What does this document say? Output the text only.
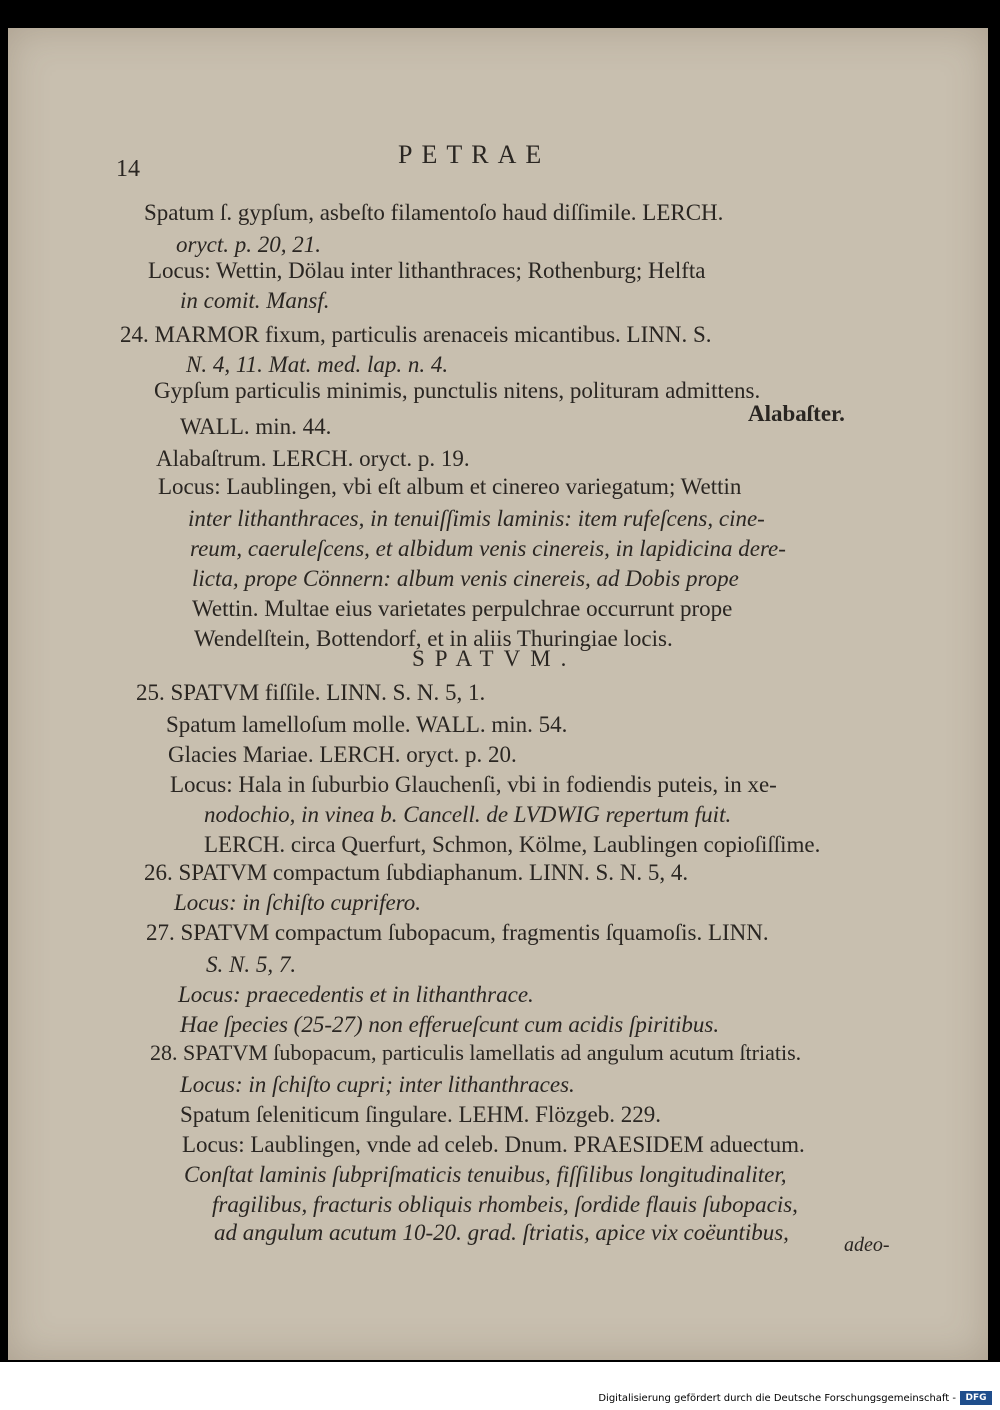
14	PETRAE
Spatum ſ. gypſum, asbeſto filamentoſo haud diſſimile. LERCH.
oryct. p. 20, 21.
Locus: Wettin, Dölau inter lithanthraces; Rothenburg; Helfta
in comit. Mansf.
24. MARMOR fixum, particulis arenaceis micantibus. LINN. S.
N. 4, 11. Mat. med. lap. n. 4.
Gypſum particulis minimis, punctulis nitens, polituram admittens.
Alabaſter.
WALL. min. 44.
Alabaſtrum. LERCH. oryct. p. 19.
Locus: Laublingen, vbi eſt album et cinereo variegatum; Wettin
inter lithanthraces, in tenuiſſimis laminis: item rufeſcens, cine-
reum, caeruleſcens, et albidum venis cinereis, in lapidicina dere-
licta, prope Cönnern: album venis cinereis, ad Dobis prope
Wettin. Multae eius varietates perpulchrae occurrunt prope
Wendelſtein, Bottendorf, et in aliis Thuringiae locis.
SPATVM.
25. SPATVM fiſſile. LINN. S. N. 5, 1.
Spatum lamelloſum molle. WALL. min. 54.
Glacies Mariae. LERCH. oryct. p. 20.
Locus: Hala in ſuburbio Glauchenſi, vbi in fodiendis puteis, in xe-
nodochio, in vinea b. Cancell. de LVDWIG repertum fuit.
LERCH. circa Querfurt, Schmon, Kölme, Laublingen copioſiſſime.
26. SPATVM compactum ſubdiaphanum. LINN. S. N. 5, 4.
Locus: in ſchiſto cuprifero.
27. SPATVM compactum ſubopacum, fragmentis ſquamoſis. LINN.
S. N. 5, 7.
Locus: praecedentis et in lithanthrace.
Hae ſpecies (25-27) non efferueſcunt cum acidis ſpiritibus.
28. SPATVM ſubopacum, particulis lamellatis ad angulum acutum ſtriatis.
Locus: in ſchiſto cupri; inter lithanthraces.
Spatum ſeleniticum ſingulare. LEHM. Flözgeb. 229.
Locus: Laublingen, vnde ad celeb. Dnum. PRAESIDEM aduectum.
Conſtat laminis ſubpriſmaticis tenuibus, fiſſilibus longitudinaliter,
fragilibus, fracturis obliquis rhombeis, ſordide flauis ſubopacis,
ad angulum acutum 10-20. grad. ſtriatis, apice vix coëuntibus,	adeo-
Digitalisierung gefördert durch die Deutsche Forschungsgemeinschaft -	DFG
